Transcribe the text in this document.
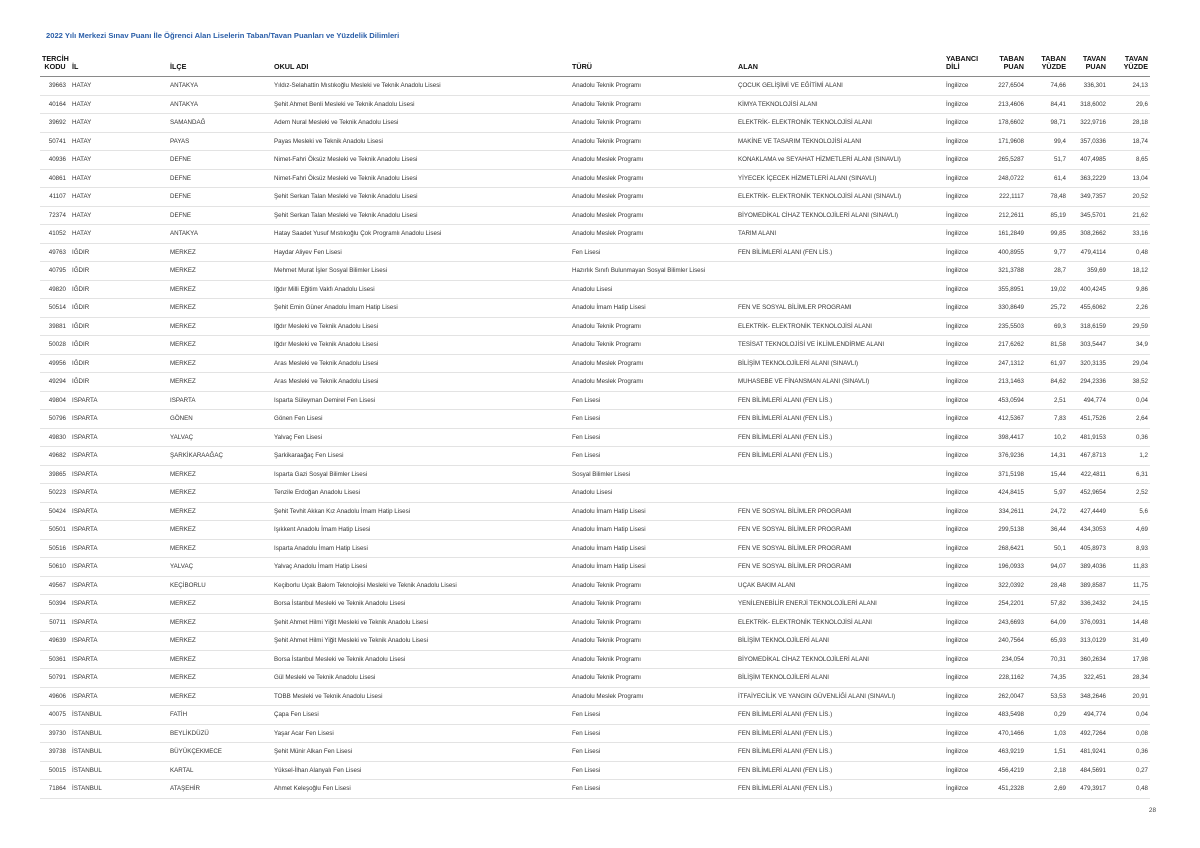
2022 Yılı Merkezi Sınav Puanı İle Öğrenci Alan Liselerin Taban/Tavan Puanları ve Yüzdelik Dilimleri
TERCİH KODU	İL	İLÇE	OKUL ADI	TÜRÜ	ALAN	YABANCI DİLİ	TABAN PUAN	TABAN YÜZDE	TAVAN PUAN	TAVAN YÜZDE
39663	HATAY	ANTAKYA	Yıldız-Selahattin Mıstıkoğlu Mesleki ve Teknik Anadolu Lisesi	Anadolu Teknik Programı	ÇOCUK GELİŞİMİ VE EĞİTİMİ ALANI	İngilizce	227,6504	74,66	336,301	24,13
40164	HATAY	ANTAKYA	Şehit Ahmet Benli Mesleki ve Teknik Anadolu Lisesi	Anadolu Teknik Programı	KİMYA TEKNOLOJİSİ ALANI	İngilizce	213,4606	84,41	318,6002	29,6
39692	HATAY	SAMANDAĞ	Adem Nural Mesleki ve Teknik Anadolu Lisesi	Anadolu Teknik Programı	ELEKTRİK- ELEKTRONİK TEKNOLOJİSİ ALANI	İngilizce	178,6602	98,71	322,9716	28,18
50741	HATAY	PAYAS	Payas Mesleki ve Teknik Anadolu Lisesi	Anadolu Teknik Programı	MAKİNE VE TASARIM TEKNOLOJİSİ ALANI	İngilizce	171,9608	99,4	357,0336	18,74
40936	HATAY	DEFNE	Nimet-Fahri Öksüz Mesleki ve Teknik Anadolu Lisesi	Anadolu Meslek Programı	KONAKLAMA ve SEYAHAT HİZMETLERİ ALANI (SINAVLI)	İngilizce	265,5287	51,7	407,4985	8,65
40861	HATAY	DEFNE	Nimet-Fahri Öksüz Mesleki ve Teknik Anadolu Lisesi	Anadolu Meslek Programı	YİYECEK İÇECEK HİZMETLERİ ALANI (SINAVLI)	İngilizce	248,0722	61,4	363,2229	13,04
41107	HATAY	DEFNE	Şehit Serkan Talan Mesleki ve Teknik Anadolu Lisesi	Anadolu Meslek Programı	ELEKTRİK- ELEKTRONİK TEKNOLOJİSİ ALANI (SINAVLI)	İngilizce	222,1117	78,48	349,7357	20,52
72374	HATAY	DEFNE	Şehit Serkan Talan Mesleki ve Teknik Anadolu Lisesi	Anadolu Meslek Programı	BİYOMEDİKAL CİHAZ TEKNOLOJİLERİ ALANI (SINAVLI)	İngilizce	212,2611	85,19	345,5701	21,62
41052	HATAY	ANTAKYA	Hatay Saadet Yusuf Mıstıkoğlu Çok Programlı Anadolu Lisesi	Anadolu Meslek Programı	TARIM ALANI	İngilizce	161,2849	99,85	308,2662	33,16
49763	IĞDIR	MERKEZ	Haydar Aliyev Fen Lisesi	Fen Lisesi	FEN BİLİMLERİ ALANI (FEN LİS.)	İngilizce	400,8955	9,77	479,4114	0,48
40795	IĞDIR	MERKEZ	Mehmet Murat İşler Sosyal Bilimler Lisesi	Hazırlık Sınıfı Bulunmayan Sosyal Bilimler Lisesi		İngilizce	321,3788	28,7	359,69	18,12
49820	IĞDIR	MERKEZ	Iğdır Milli Eğitim Vakfı Anadolu Lisesi	Anadolu Lisesi		İngilizce	355,8951	19,02	400,4245	9,86
50514	IĞDIR	MERKEZ	Şehit Emin Güner Anadolu İmam Hatip Lisesi	Anadolu İmam Hatip Lisesi	FEN VE SOSYAL BİLİMLER PROGRAMI	İngilizce	330,8649	25,72	455,6062	2,26
39881	IĞDIR	MERKEZ	Iğdır Mesleki ve Teknik Anadolu Lisesi	Anadolu Teknik Programı	ELEKTRİK- ELEKTRONİK TEKNOLOJİSİ ALANI	İngilizce	235,5503	69,3	318,6159	29,59
50028	IĞDIR	MERKEZ	Iğdır Mesleki ve Teknik Anadolu Lisesi	Anadolu Teknik Programı	TESİSAT TEKNOLOJİSİ VE İKLİMLENDİRME ALANI	İngilizce	217,6262	81,58	303,5447	34,9
49956	IĞDIR	MERKEZ	Aras Mesleki ve Teknik Anadolu Lisesi	Anadolu Meslek Programı	BİLİŞİM TEKNOLOJİLERİ ALANI (SINAVLI)	İngilizce	247,1312	61,97	320,3135	29,04
49294	IĞDIR	MERKEZ	Aras Mesleki ve Teknik Anadolu Lisesi	Anadolu Meslek Programı	MUHASEBE VE FİNANSMAN ALANI (SINAVLI)	İngilizce	213,1463	84,62	294,2336	38,52
49804	ISPARTA	ISPARTA	Isparta Süleyman Demirel Fen Lisesi	Fen Lisesi	FEN BİLİMLERİ ALANI (FEN LİS.)	İngilizce	453,0594	2,51	494,774	0,04
50796	ISPARTA	GÖNEN	Gönen Fen Lisesi	Fen Lisesi	FEN BİLİMLERİ ALANI (FEN LİS.)	İngilizce	412,5367	7,83	451,7526	2,64
49830	ISPARTA	YALVAÇ	Yalvaç Fen Lisesi	Fen Lisesi	FEN BİLİMLERİ ALANI (FEN LİS.)	İngilizce	398,4417	10,2	481,9153	0,36
49682	ISPARTA	ŞARKİKARAAĞAÇ	Şarkikaraağaç Fen Lisesi	Fen Lisesi	FEN BİLİMLERİ ALANI (FEN LİS.)	İngilizce	376,9236	14,31	467,8713	1,2
39865	ISPARTA	MERKEZ	Isparta Gazi Sosyal Bilimler Lisesi	Sosyal Bilimler Lisesi		İngilizce	371,5198	15,44	422,4811	6,31
50223	ISPARTA	MERKEZ	Tenzile Erdoğan Anadolu Lisesi	Anadolu Lisesi		İngilizce	424,8415	5,97	452,9654	2,52
50424	ISPARTA	MERKEZ	Şehit Tevhit Akkan Kız Anadolu İmam Hatip Lisesi	Anadolu İmam Hatip Lisesi	FEN VE SOSYAL BİLİMLER PROGRAMI	İngilizce	334,2611	24,72	427,4449	5,6
50501	ISPARTA	MERKEZ	Işıkkent Anadolu İmam Hatip Lisesi	Anadolu İmam Hatip Lisesi	FEN VE SOSYAL BİLİMLER PROGRAMI	İngilizce	299,5138	36,44	434,3053	4,69
50516	ISPARTA	MERKEZ	Isparta Anadolu İmam Hatip Lisesi	Anadolu İmam Hatip Lisesi	FEN VE SOSYAL BİLİMLER PROGRAMI	İngilizce	268,6421	50,1	405,8973	8,93
50610	ISPARTA	YALVAÇ	Yalvaç Anadolu İmam Hatip Lisesi	Anadolu İmam Hatip Lisesi	FEN VE SOSYAL BİLİMLER PROGRAMI	İngilizce	196,0933	94,07	389,4036	11,83
49567	ISPARTA	KEÇİBORLU	Keçiborlu Uçak Bakım Teknolojisi Mesleki ve Teknik Anadolu Lisesi	Anadolu Teknik Programı	UÇAK BAKIM ALANI	İngilizce	322,0392	28,48	389,8587	11,75
50394	ISPARTA	MERKEZ	Borsa İstanbul Mesleki ve Teknik Anadolu Lisesi	Anadolu Teknik Programı	YENİLENEBİLİR ENERJİ TEKNOLOJİLERİ ALANI	İngilizce	254,2201	57,82	336,2432	24,15
50711	ISPARTA	MERKEZ	Şehit Ahmet Hilmi Yiğit Mesleki ve Teknik Anadolu Lisesi	Anadolu Teknik Programı	ELEKTRİK- ELEKTRONİK TEKNOLOJİSİ ALANI	İngilizce	243,6693	64,09	376,0931	14,48
49639	ISPARTA	MERKEZ	Şehit Ahmet Hilmi Yiğit Mesleki ve Teknik Anadolu Lisesi	Anadolu Teknik Programı	BİLİŞİM TEKNOLOJİLERİ ALANI	İngilizce	240,7564	65,93	313,0129	31,49
50361	ISPARTA	MERKEZ	Borsa İstanbul Mesleki ve Teknik Anadolu Lisesi	Anadolu Teknik Programı	BİYOMEDİKAL CİHAZ TEKNOLOJİLERİ ALANI	İngilizce	234,054	70,31	360,2634	17,98
50791	ISPARTA	MERKEZ	Gül Mesleki ve Teknik Anadolu Lisesi	Anadolu Teknik Programı	BİLİŞİM TEKNOLOJİLERİ ALANI	İngilizce	228,1162	74,35	322,451	28,34
49606	ISPARTA	MERKEZ	TOBB Mesleki ve Teknik Anadolu Lisesi	Anadolu Meslek Programı	İTFAİYECİLİK VE YANGIN GÜVENLİĞİ ALANI (SINAVLI)	İngilizce	262,0047	53,53	348,2646	20,91
40075	İSTANBUL	FATİH	Çapa Fen Lisesi	Fen Lisesi	FEN BİLİMLERİ ALANI (FEN LİS.)	İngilizce	483,5498	0,29	494,774	0,04
39730	İSTANBUL	BEYLİKDÜZÜ	Yaşar Acar Fen Lisesi	Fen Lisesi	FEN BİLİMLERİ ALANI (FEN LİS.)	İngilizce	470,1466	1,03	492,7264	0,08
39738	İSTANBUL	BÜYÜKÇEKMECE	Şehit Münir Alkan Fen Lisesi	Fen Lisesi	FEN BİLİMLERİ ALANI (FEN LİS.)	İngilizce	463,9219	1,51	481,9241	0,36
50015	İSTANBUL	KARTAL	Yüksel-İlhan Alanyalı Fen Lisesi	Fen Lisesi	FEN BİLİMLERİ ALANI (FEN LİS.)	İngilizce	456,4219	2,18	484,5691	0,27
71864	İSTANBUL	ATAŞEHİR	Ahmet Keleşoğlu Fen Lisesi	Fen Lisesi	FEN BİLİMLERİ ALANI (FEN LİS.)	İngilizce	451,2328	2,69	479,3917	0,48
28
